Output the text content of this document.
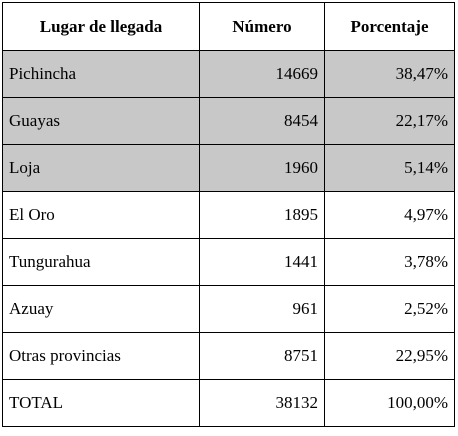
Lugar de llegada	Número	Porcentaje
Pichincha	14669	38,47%
Guayas	8454	22,17%
Loja	1960	5,14%
El Oro	1895	4,97%
Tungurahua	1441	3,78%
Azuay	961	2,52%
Otras provincias	8751	22,95%
TOTAL	38132	100,00%
